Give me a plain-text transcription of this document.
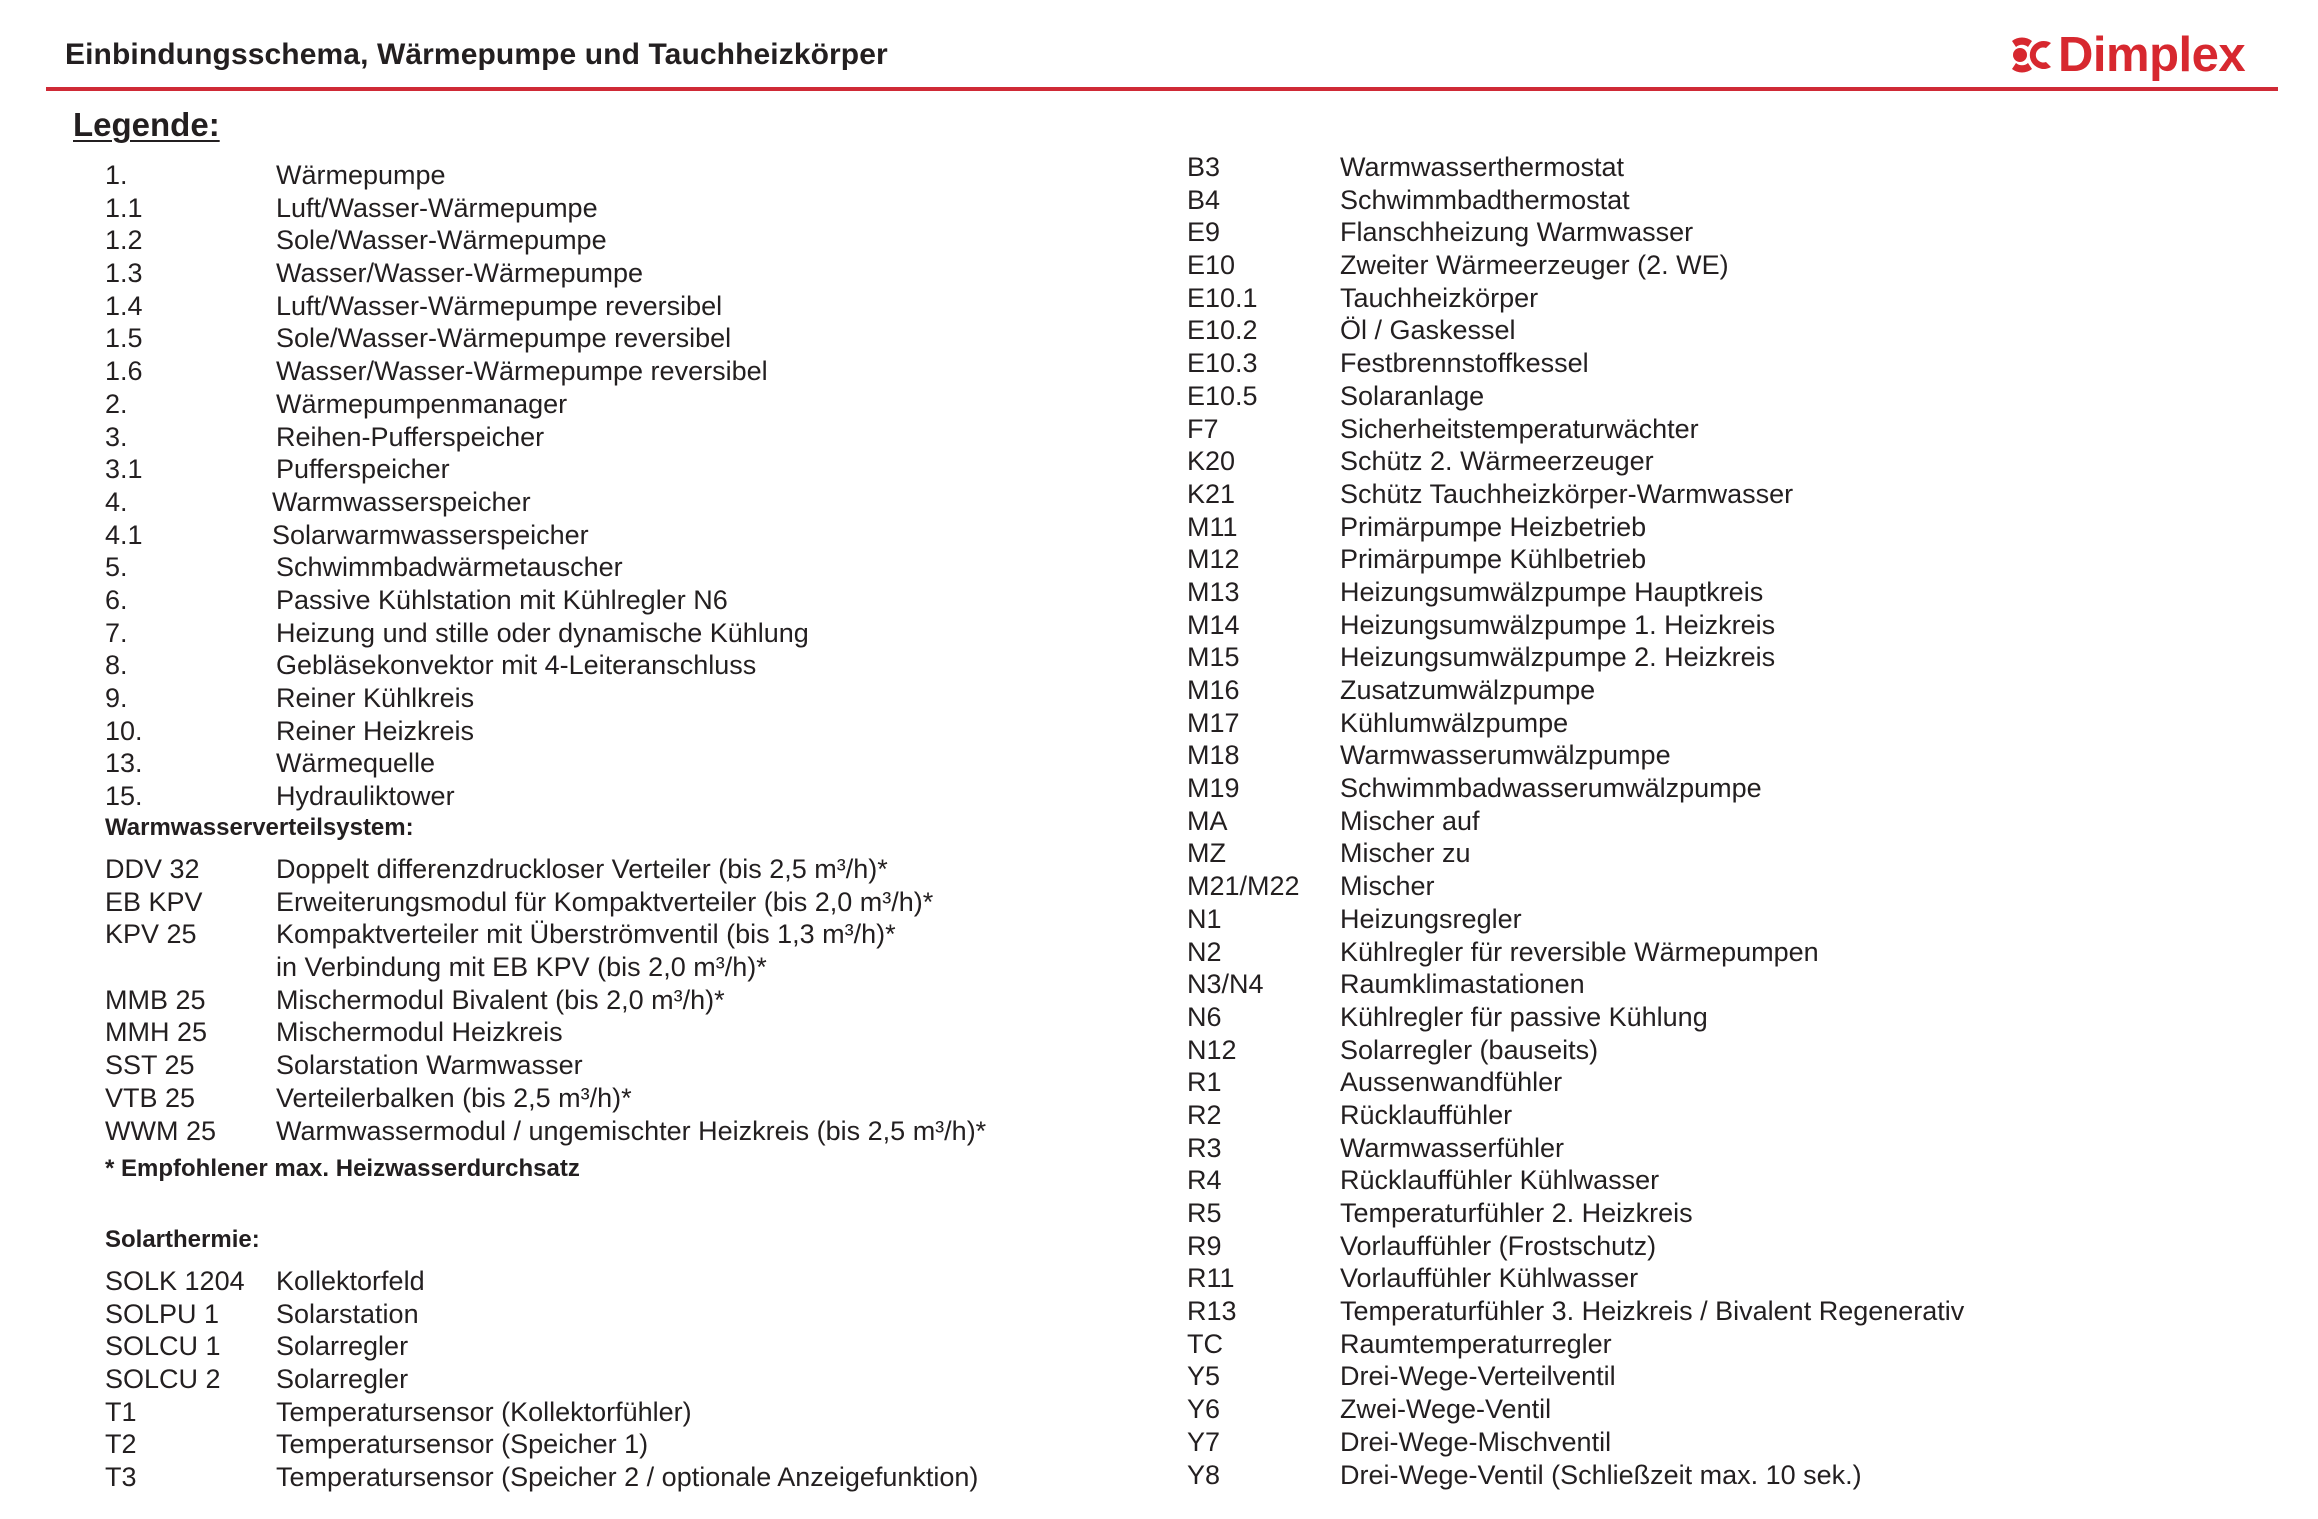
Einbindungsschema, Wärmepumpe und Tauchheizkörper	Dimplex
Legende:
1.	Wärmepumpe
1.1	Luft/Wasser-Wärmepumpe
1.2	Sole/Wasser-Wärmepumpe
1.3	Wasser/Wasser-Wärmepumpe
1.4	Luft/Wasser-Wärmepumpe reversibel
1.5	Sole/Wasser-Wärmepumpe reversibel
1.6	Wasser/Wasser-Wärmepumpe reversibel
2.	Wärmepumpenmanager
3.	Reihen-Pufferspeicher
3.1	Pufferspeicher
4.	Warmwasserspeicher
4.1	Solarwarmwasserspeicher
5.	Schwimmbadwärmetauscher
6.	Passive Kühlstation mit Kühlregler N6
7.	Heizung und stille oder dynamische Kühlung
8.	Gebläsekonvektor mit 4-Leiteranschluss
9.	Reiner Kühlkreis
10.	Reiner Heizkreis
13.	Wärmequelle
15.	Hydrauliktower
Warmwasserverteilsystem:
DDV 32	Doppelt differenzdruckloser Verteiler (bis 2,5 m³/h)*
EB KPV	Erweiterungsmodul für Kompaktverteiler (bis 2,0 m³/h)*
KPV 25	Kompaktverteiler mit Überströmventil (bis 1,3 m³/h)*
in Verbindung mit EB KPV (bis 2,0 m³/h)*
MMB 25	Mischermodul Bivalent (bis 2,0 m³/h)*
MMH 25	Mischermodul Heizkreis
SST 25	Solarstation Warmwasser
VTB 25	Verteilerbalken (bis 2,5 m³/h)*
WWM 25 Warmwassermodul / ungemischter Heizkreis (bis 2,5 m³/h)*
* Empfohlener max. Heizwasserdurchsatz
Solarthermie:
SOLK 1204 Kollektorfeld
SOLPU 1 Solarstation
SOLCU 1 Solarregler
SOLCU 2 Solarregler
T1	Temperatursensor (Kollektorfühler)
T2	Temperatursensor (Speicher 1)
T3	Temperatursensor (Speicher 2 / optionale Anzeigefunktion)
B3	Warmwasserthermostat
B4	Schwimmbadthermostat
E9	Flanschheizung Warmwasser
E10	Zweiter Wärmeerzeuger (2. WE)
E10.1	Tauchheizkörper
E10.2	Öl / Gaskessel
E10.3	Festbrennstoffkessel
E10.5	Solaranlage
F7	Sicherheitstemperaturwächter
K20	Schütz 2. Wärmeerzeuger
K21	Schütz Tauchheizkörper-Warmwasser
M11	Primärpumpe Heizbetrieb
M12	Primärpumpe Kühlbetrieb
M13	Heizungsumwälzpumpe Hauptkreis
M14	Heizungsumwälzpumpe 1. Heizkreis
M15	Heizungsumwälzpumpe 2. Heizkreis
M16	Zusatzumwälzpumpe
M17	Kühlumwälzpumpe
M18	Warmwasserumwälzpumpe
M19	Schwimmbadwasserumwälzpumpe
MA	Mischer auf
MZ	Mischer zu
M21/M22 Mischer
N1	Heizungsregler
N2	Kühlregler für reversible Wärmepumpen
N3/N4	Raumklimastationen
N6	Kühlregler für passive Kühlung
N12	Solarregler (bauseits)
R1	Aussenwandfühler
R2	Rücklauffühler
R3	Warmwasserfühler
R4	Rücklauffühler Kühlwasser
R5	Temperaturfühler 2. Heizkreis
R9	Vorlauffühler (Frostschutz)
R11	Vorlauffühler Kühlwasser
R13	Temperaturfühler 3. Heizkreis / Bivalent Regenerativ
TC	Raumtemperaturregler
Y5	Drei-Wege-Verteilventil
Y6	Zwei-Wege-Ventil
Y7	Drei-Wege-Mischventil
Y8	Drei-Wege-Ventil (Schließzeit max. 10 sek.)
